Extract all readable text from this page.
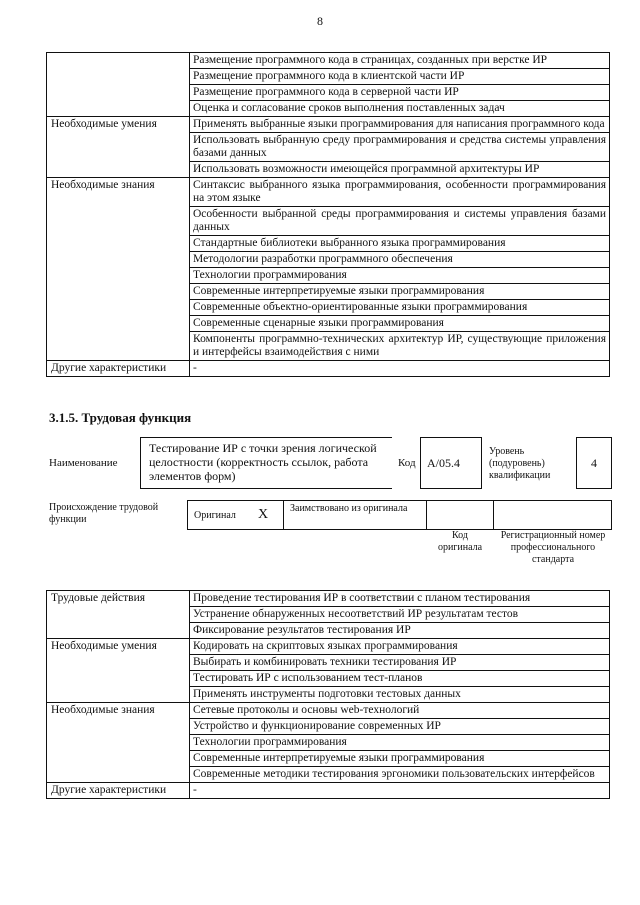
8
	Размещение программного кода в страницах, созданных при верстке ИР
	Размещение программного кода в клиентской части ИР
	Размещение программного кода в серверной части ИР
	Оценка и согласование сроков выполнения поставленных задач
Необходимые умения	Применять выбранные языки программирования для написания программного кода
	Использовать выбранную среду программирования и средства системы управления базами данных
	Использовать возможности имеющейся программной архитектуры ИР
Необходимые знания	Синтаксис выбранного языка программирования, особенности программирования на этом языке
	Особенности выбранной среды программирования и системы управления базами данных
	Стандартные библиотеки выбранного языка программирования
	Методологии разработки программного обеспечения
	Технологии программирования
	Современные интерпретируемые языки программирования
	Современные объектно-ориентированные языки программирования
	Современные сценарные языки программирования
	Компоненты программно-технических архитектур ИР, существующие приложения и интерфейсы взаимодействия с ними
Другие характеристики	-
3.1.5. Трудовая функция
Наименование
Тестирование ИР с точки зрения логической целостности (корректность ссылок, работа элементов форм)
Код A/05.4
Уровень (подуровень) квалификации
4
Происхождение трудовой функции	Оригинал X	Заимствовано из оригинала
Код оригинала
Регистрационный номер профессионального стандарта
Трудовые действия	Проведение тестирования ИР в соответствии с планом тестирования
	Устранение обнаруженных несоответствий ИР результатам тестов
	Фиксирование результатов тестирования ИР
Необходимые умения	Кодировать на скриптовых языках программирования
	Выбирать и комбинировать техники тестирования ИР
	Тестировать ИР с использованием тест-планов
	Применять инструменты подготовки тестовых данных
Необходимые знания	Сетевые протоколы и основы web-технологий
	Устройство и функционирование современных ИР
	Технологии программирования
	Современные интерпретируемые языки программирования
	Современные методики тестирования эргономики пользовательских интерфейсов
Другие характеристики	-
